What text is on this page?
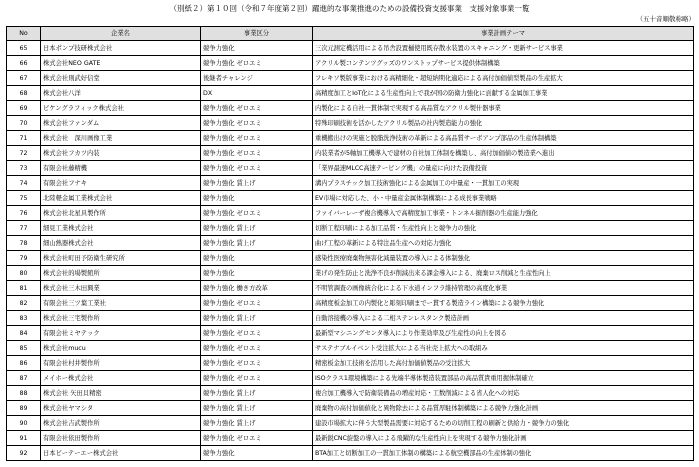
（別紙２）第１０回（令和７年度第２回）躍進的な事業推進のための設備投資支援事業　支援対象事業一覧
（五十音順敬称略）
No	企業名	事業区分	事業計画テーマ
65	日本ポンプ技研株式会社	競争力強化	三次元測定機活用による吊舎設置樋使用既存散水装置のスキャニング・更新サービス事業
66	株式会社NEO GATE	競争力強化 ゼロエミ	アクリル製コンテンツグッズのワンストップサービス提供体制構築
67	株式会社則武好信堂	後継者チャレンジ	フレキソ製版事業における高精細化・超短納期化適応による高付加価値型製品の生産拡大
68	株式会社八洋	DX	高精度加工とIoT化による生産性向上で我が国の防衛力強化に貢献する金属加工事業
69	ビケングラフィック株式会社	競争力強化 ゼロエミ	内製化による自社一貫体制で実現する高品質なアクリル製什器事業
70	株式会社ファンダム	競争力強化 ゼロエミ	特殊印刷技術を活かしたアクリル製品の社内製造能力の強化
71	株式会社　深川画像工業	競争力強化 ゼロエミ	重機搬出けの実施と脱脂洗浄技術の革新による高品質サーボアンプ部品の生産体制構築
72	株式会社フカツ内装	競争力強化 ゼロエミ	内装業者が5軸加工機導入で建材の自社加工体制を構築し、高付加価値の製造業へ進出
73	有限会社藤精機	競争力強化 ゼロエミ	「業界最速MLCC高速テーピング機」の量産に向けた設備投資
74	有限会社フナキ	競争力強化 賃上げ	溝内プラスチック加工技術強化による金属加工の中量産・一貫加工の実現
75	北陸軽金属工業株式会社	競争力強化	EV市場に対応した、小・中量産金属体制構築による成長事業戦略
76	株式会社北星具製作所	競争力強化 ゼロエミ	ファイバーレーザ複合機導入で高精度加工事業・トンネル掘削器の生産能力強化
77	細見工業株式会社	競争力強化 賃上げ	切断工程印刷による加工品質・生産性向上と競争力の強化
78	細山熱器株式会社	競争力強化 賃上げ	曲げ工程の革新による特注品生産への対応力強化
79	株式会社町田予防衛生研究所	競争力強化	感染性医療廃棄物無害化減量装置の導入による体制強化
80	株式会社的場製館所	競争力強化	業げの発生防止と洗浄不良が削減出来る課金導入による、廃棄ロス削減と生産性向上
81	株式会社三木田興業	競争力強化 働き方改革	不明管調査の画像統合化による下水道インフラ維持管理の高度化事業
82	有限会社三ツ葉工業社	競争力強化 ゼロエミ	高精度板金加工の内製化と彫刻印刷までー貫する製造ライン構築による競争力強化
83	株式会社三宅製作所	競争力強化 賃上げ	自動溶接機の導入による二相ステンレスタンク製造計画
84	有限会社ミヤテック	競争力強化 ゼロエミ	最新型マシニングセンタ導入により作業効率及び生産性の向上を図る
85	株式会社mucu	競争力強化 ゼロエミ	サステナブルイベント受注拡大による当社売上拡大への取組み
86	有限会社村井製作所	競争力強化 ゼロエミ	精密板金加工技術を活用した高付加価値製品の受注拡大
87	メイホー株式会社	競争力強化 ゼロエミ	ISOクラス1環境構築による先端半導体製造装置部品の高品質貴重用握体制確立
88	株式会社 矢田貝精密	競争力強化 賃上げ	複合加工機導入で防衛装備品の増産対応・工数削減による省人化への対応
89	株式会社ヤマシタ	競争力強化 賃上げ	廃棄物の高付加価値化と異物除去による品質厚駐体制構築による競争力強化計画
90	株式会社吉武製作所	競争力強化 賃上げ	建設市場拡大に伴う大型製品需要に対応するための切削工程の刷新と供給力・競争力の強化
91	有限会社依田製作所	競争力強化 ゼロエミ	最新鋭CNC旋盤の導入による飛躍的な生産性向上を実現する競争力強化計画
92	日本ビーテーエー株式会社	競争力強化	BTA加工と切断加工の一貫加工体制の構築による航空機部品の生産体制の強化
